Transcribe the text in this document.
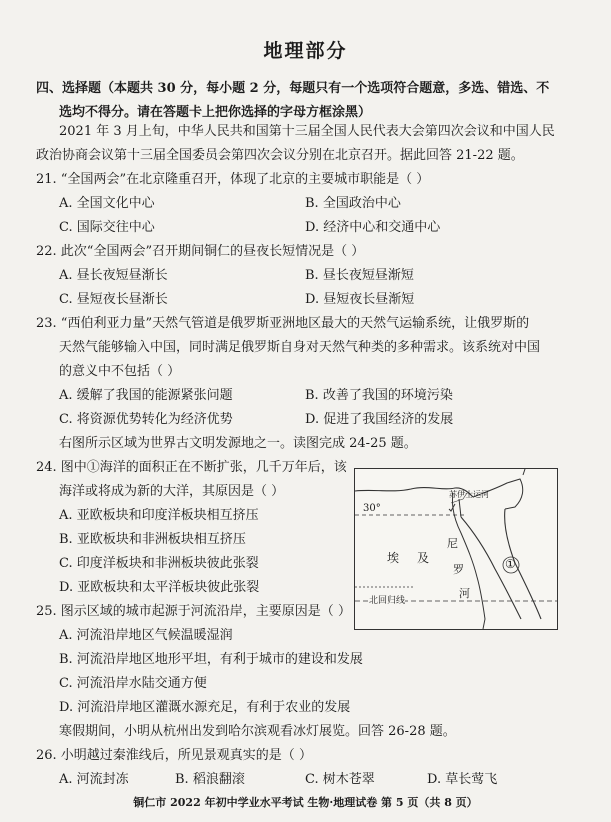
地理部分
四、选择题（本题共 30 分，每小题 2 分，每题只有一个选项符合题意，多选、错选、不
选均不得分。请在答题卡上把你选择的字母方框涂黑）
2021 年 3 月上旬，中华人民共和国第十三届全国人民代表大会第四次会议和中国人民
政治协商会议第十三届全国委员会第四次会议分别在北京召开。据此回答 21-22 题。
21. “全国两会”在北京隆重召开，体现了北京的主要城市职能是（ ）
A. 全国文化中心	B. 全国政治中心
C. 国际交往中心	D. 经济中心和交通中心
22. 此次“全国两会”召开期间铜仁的昼夜长短情况是（ ）
A. 昼长夜短昼渐长	B. 昼长夜短昼渐短
C. 昼短夜长昼渐长	D. 昼短夜长昼渐短
23. “西伯利亚力量”天然气管道是俄罗斯亚洲地区最大的天然气运输系统，让俄罗斯的
天然气能够输入中国，同时满足俄罗斯自身对天然气种类的多种需求。该系统对中国
的意义中不包括（ ）
A. 缓解了我国的能源紧张问题	B. 改善了我国的环境污染
C. 将资源优势转化为经济优势	D. 促进了我国经济的发展
右图所示区域为世界古文明发源地之一。读图完成 24-25 题。
24. 图中①海洋的面积正在不断扩张，几千万年后，该
海洋或将成为新的大洋，其原因是（ ）
A. 亚欧板块和印度洋板块相互挤压
B. 亚欧板块和非洲板块相互挤压
C. 印度洋板块和非洲板块彼此张裂
D. 亚欧板块和太平洋板块彼此张裂
25. 图示区域的城市起源于河流沿岸，主要原因是（ ）
A. 河流沿岸地区气候温暖湿润
B. 河流沿岸地区地形平坦，有利于城市的建设和发展
C. 河流沿岸水陆交通方便
D. 河流沿岸地区灌溉水源充足，有利于农业的发展
寒假期间，小明从杭州出发到哈尔滨观看冰灯展览。回答 26-28 题。
26. 小明越过秦淮线后，所见景观真实的是（ ）
A. 河流封冻	B. 稻浪翻滚	C. 树木苍翠	D. 草长莺飞
30°
苏伊士运河
埃 及
尼
罗
河
①
北回归线
铜仁市 2022 年初中学业水平考试 生物·地理试卷 第 5 页（共 8 页）
